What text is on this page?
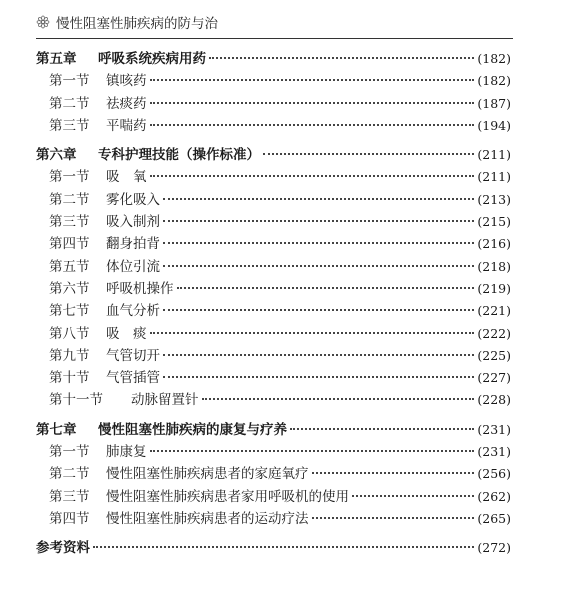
慢性阻塞性肺疾病的防与治
第五章	呼吸系统疾病用药	(182)
第一节	镇咳药	(182)
第二节	祛痰药	(187)
第三节	平喘药	(194)
第六章	专科护理技能（操作标准）	(211)
第一节	吸　氧	(211)
第二节	雾化吸入	(213)
第三节	吸入制剂	(215)
第四节	翻身拍背	(216)
第五节	体位引流	(218)
第六节	呼吸机操作	(219)
第七节	血气分析	(221)
第八节	吸　痰	(222)
第九节	气管切开	(225)
第十节	气管插管	(227)
第十一节	动脉留置针	(228)
第七章	慢性阻塞性肺疾病的康复与疗养	(231)
第一节	肺康复	(231)
第二节	慢性阻塞性肺疾病患者的家庭氧疗	(256)
第三节	慢性阻塞性肺疾病患者家用呼吸机的使用	(262)
第四节	慢性阻塞性肺疾病患者的运动疗法	(265)
参考资料	(272)
